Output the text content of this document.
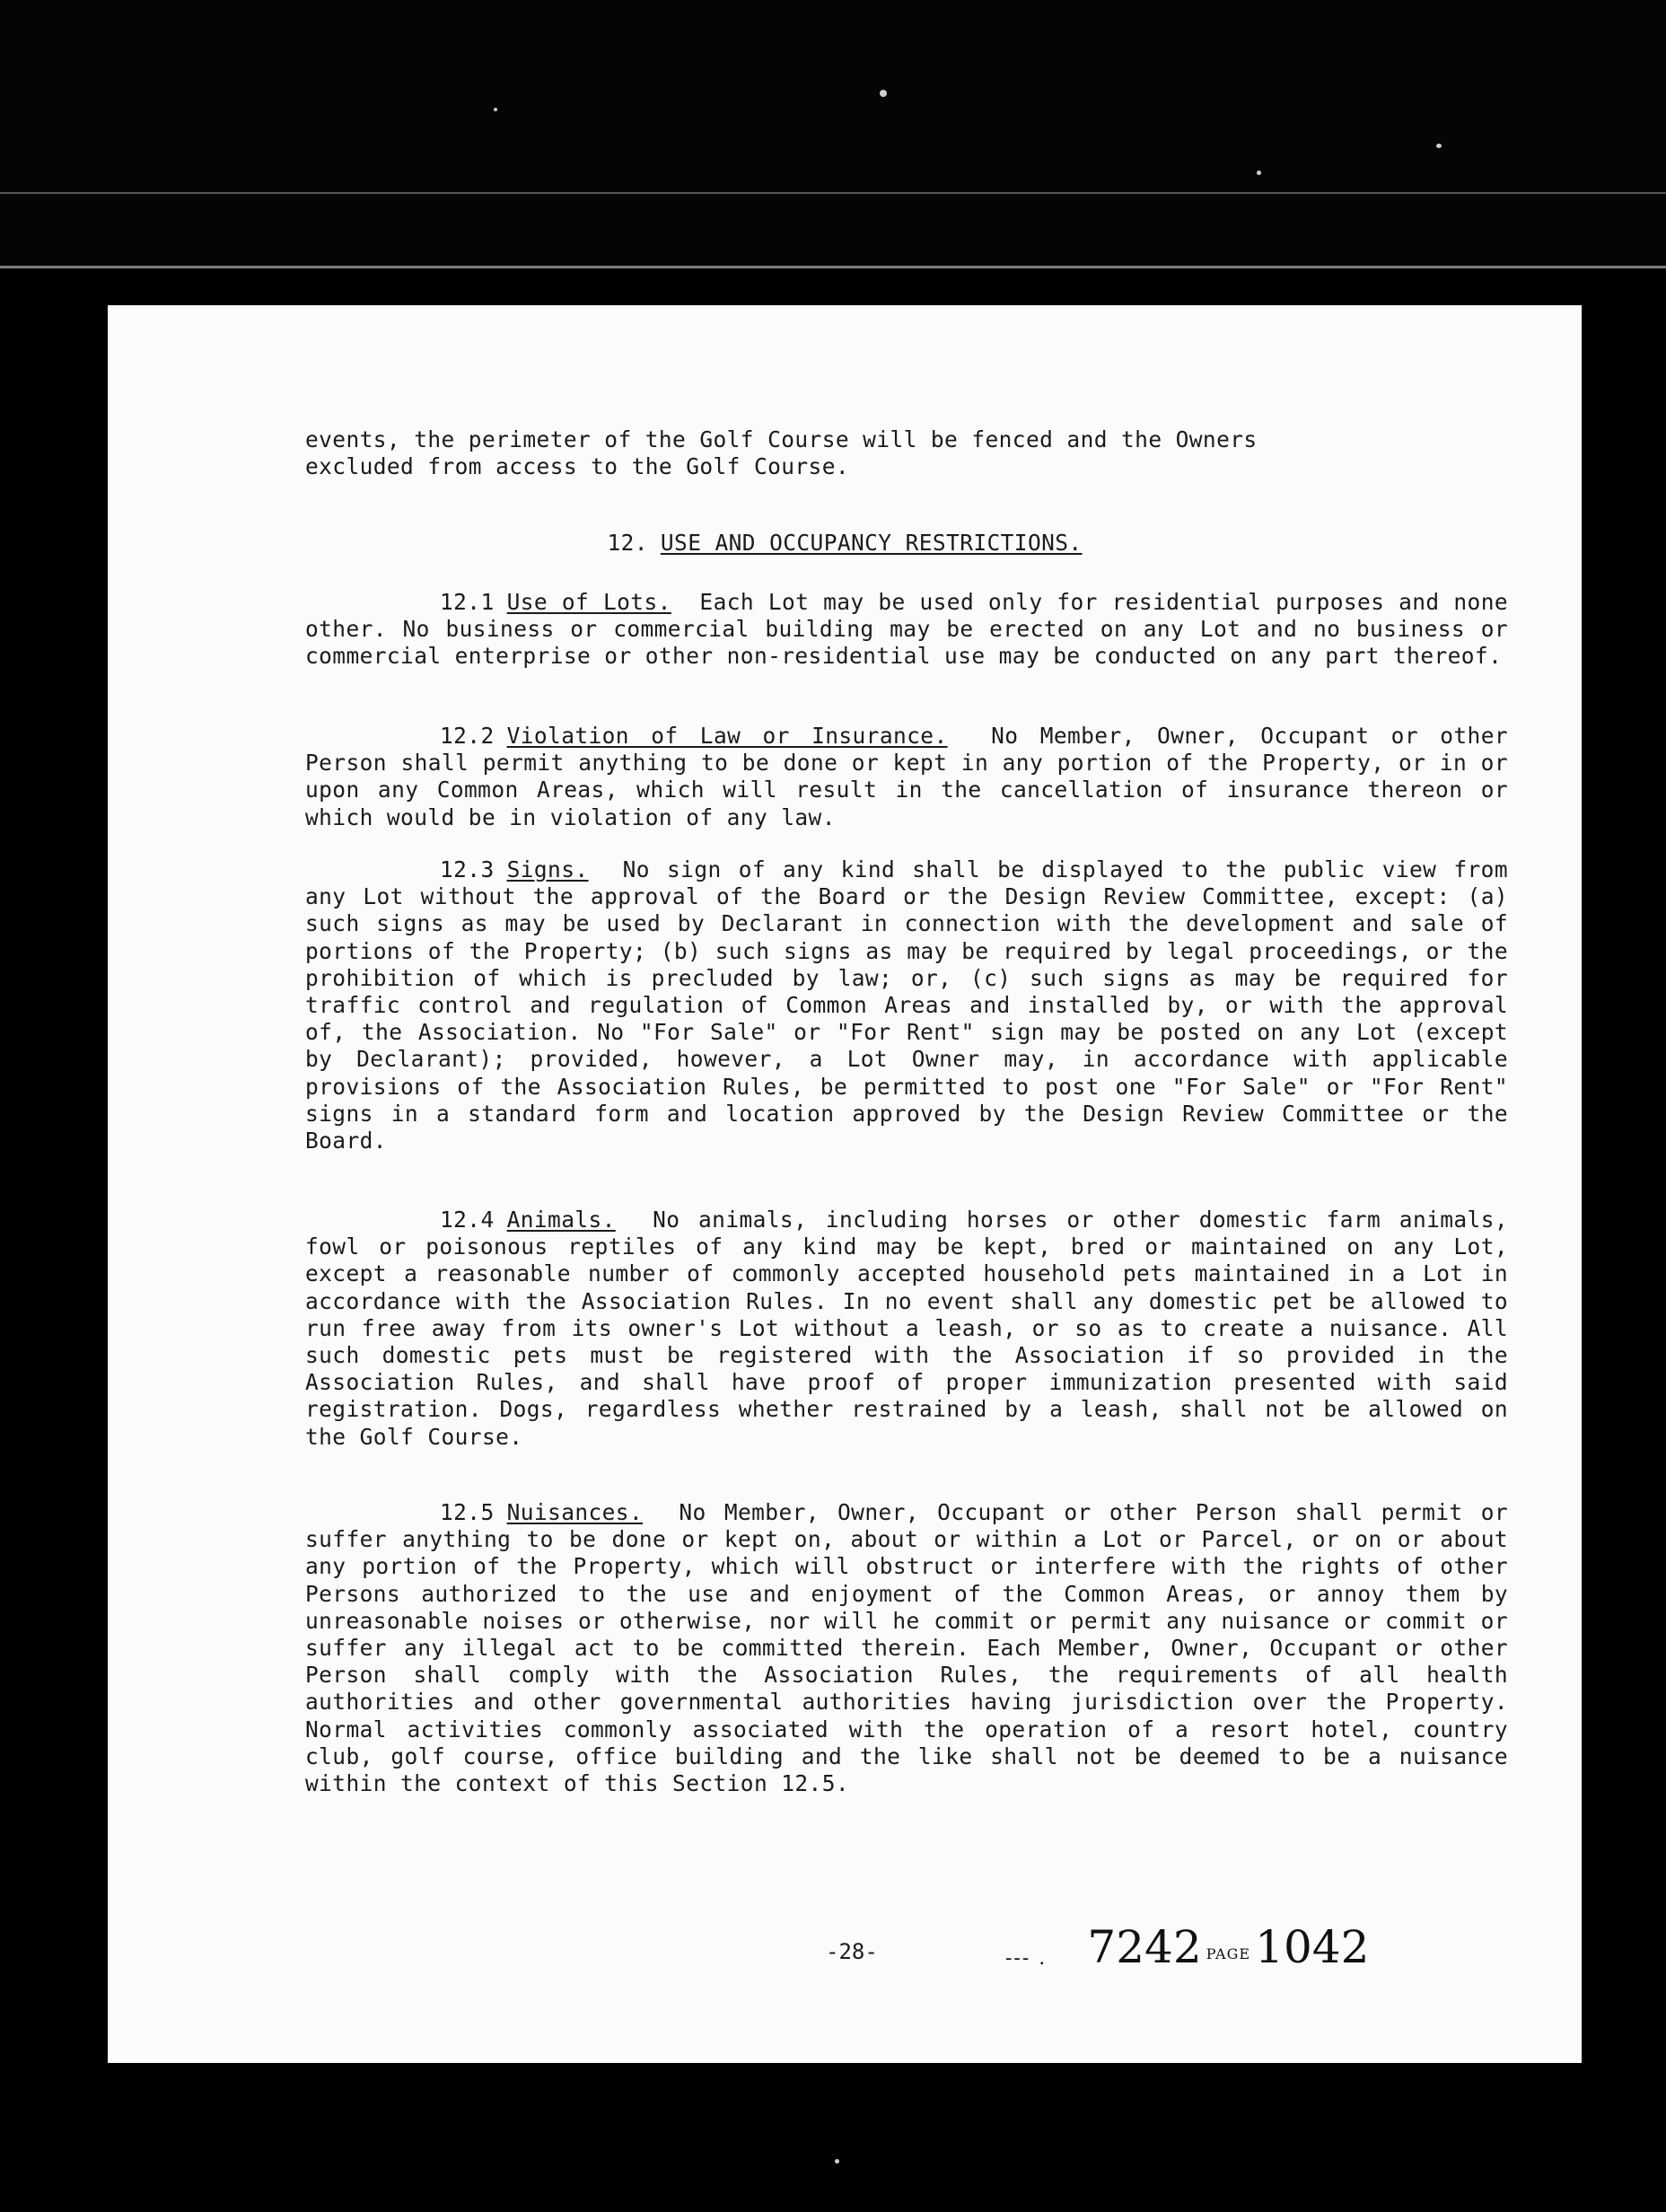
events, the perimeter of the Golf Course will be fenced and the Owners
excluded from access to the Golf Course.

12. USE AND OCCUPANCY RESTRICTIONS.

12.1 Use of Lots. Each Lot may be used only for residential purposes and none other. No business or commercial building may be erected on any Lot and no business or commercial enterprise or other non-residential use may be conducted on any part thereof.

12.2 Violation of Law or Insurance. No Member, Owner, Occupant or other Person shall permit anything to be done or kept in any portion of the Property, or in or upon any Common Areas, which will result in the cancellation of insurance thereon or which would be in violation of any law.

12.3 Signs. No sign of any kind shall be displayed to the public view from any Lot without the approval of the Board or the Design Review Committee, except: (a) such signs as may be used by Declarant in connection with the development and sale of portions of the Property; (b) such signs as may be required by legal proceedings, or the prohibition of which is precluded by law; or, (c) such signs as may be required for traffic control and regulation of Common Areas and installed by, or with the approval of, the Association. No "For Sale" or "For Rent" sign may be posted on any Lot (except by Declarant); provided, however, a Lot Owner may, in accordance with applicable provisions of the Association Rules, be permitted to post one "For Sale" or "For Rent" signs in a standard form and location approved by the Design Review Committee or the Board.

12.4 Animals. No animals, including horses or other domestic farm animals, fowl or poisonous reptiles of any kind may be kept, bred or maintained on any Lot, except a reasonable number of commonly accepted household pets maintained in a Lot in accordance with the Association Rules. In no event shall any domestic pet be allowed to run free away from its owner's Lot without a leash, or so as to create a nuisance. All such domestic pets must be registered with the Association if so provided in the Association Rules, and shall have proof of proper immunization presented with said registration. Dogs, regardless whether restrained by a leash, shall not be allowed on the Golf Course.

12.5 Nuisances. No Member, Owner, Occupant or other Person shall permit or suffer anything to be done or kept on, about or within a Lot or Parcel, or on or about any portion of the Property, which will obstruct or interfere with the rights of other Persons authorized to the use and enjoyment of the Common Areas, or annoy them by unreasonable noises or otherwise, nor will he commit or permit any nuisance or commit or suffer any illegal act to be committed therein. Each Member, Owner, Occupant or other Person shall comply with the Association Rules, the requirements of all health authorities and other governmental authorities having jurisdiction over the Property. Normal activities commonly associated with the operation of a resort hotel, country club, golf course, office building and the like shall not be deemed to be a nuisance within the context of this Section 12.5.

-28-	--- . 7242 PAGE 1042
